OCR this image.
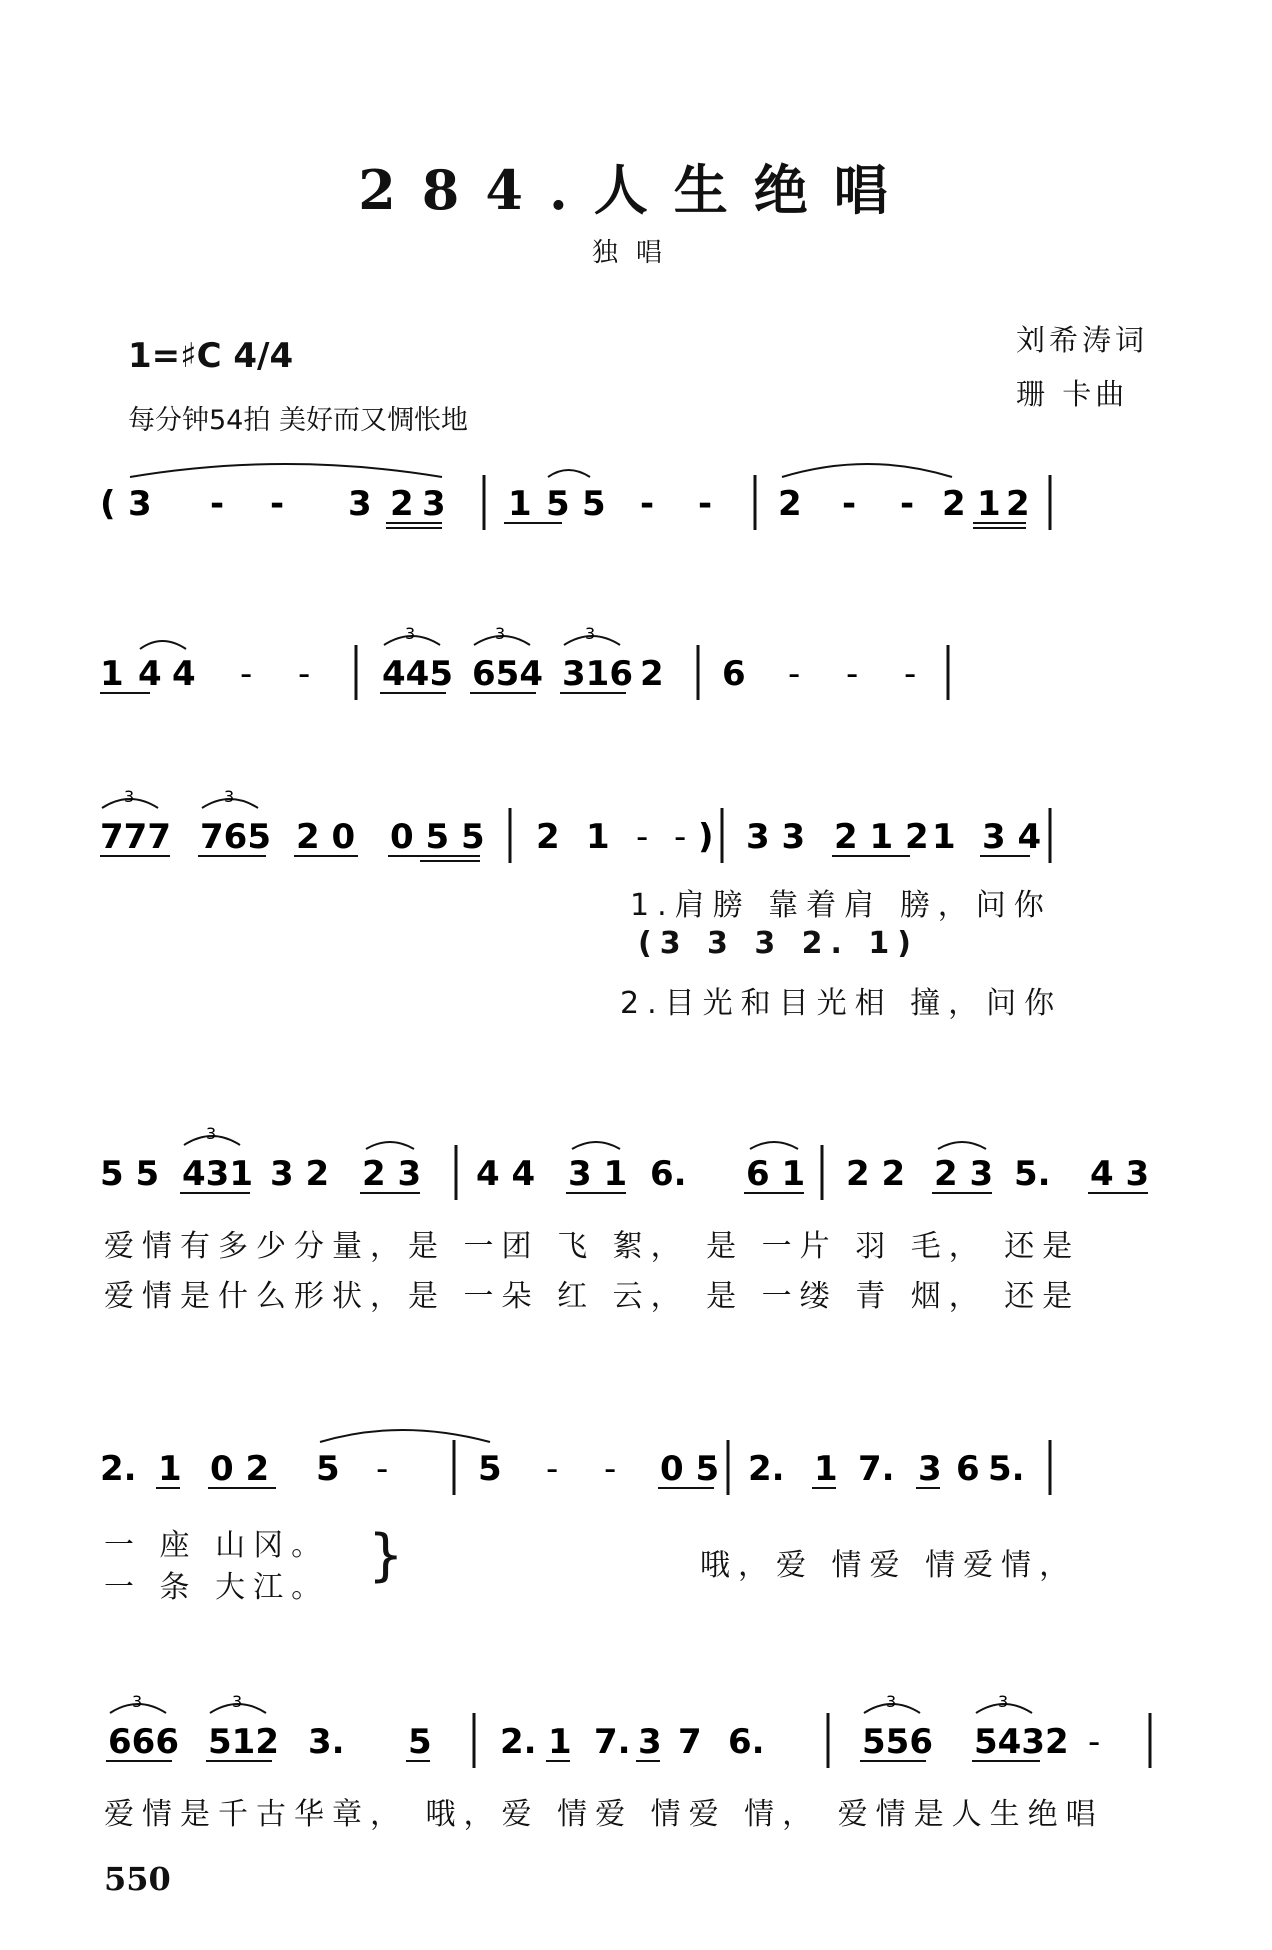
284.人生绝唱
独唱
1=♯C 4/4
每分钟54拍 美好而又惆怅地
刘希涛词
珊 卡曲
( 3 - - 3 2 3 1 5 5 - - 2 - - 2 1 2
1 4 4 - - 445 654 316 2 6 - - -
3	3	3
777 765 2 0 0 5 5 2 1 - - ) 3 3 2 1 2 1 3 4
3	3
1.肩膀 靠着肩 膀，问你
(3 3 3 2. 1)
2.目光和目光相 撞，问你
5 5 431 3 2 2 3 4 4 3 1 6. 6 1 2 2 2 3 5. 4 3
3
爱情有多少分量，是 一团 飞 絮， 是 一片 羽 毛， 还是
爱情是什么形状，是 一朵 红 云， 是 一缕 青 烟， 还是
2. 1 0 2 5 -	5 - - 0 5 2. 1 7. 3 6 5.
一 座 山冈。
一 条 大江。 }	哦，爱 情爱 情爱情，
666 512 3. 5 2. 1 7. 3 7 6.	556 5432 -
3	3	3	3
爱情是千古华章， 哦，爱 情爱 情爱 情， 爱情是人生绝唱
550
